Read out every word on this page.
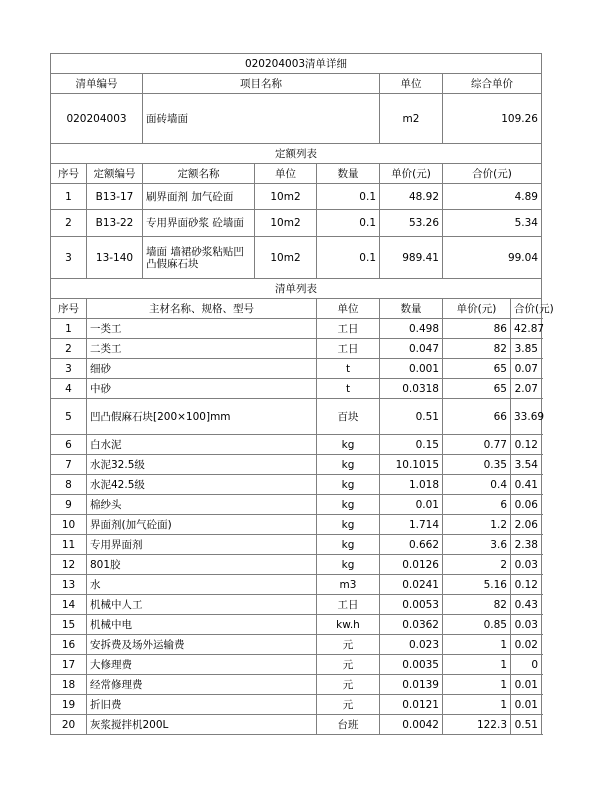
020204003清单详细							
清单编号		项目名称			单位	综合单价	
020204003		面砖墙面			m2	109.26	
定额列表							
序号	定额编号	定额名称	单位	数量	单价(元)	合价(元)	
1	B13-17	刷界面剂 加气砼面	10m2	0.1	48.92	4.89	
2	B13-22	专用界面砂浆 砼墙面	10m2	0.1	53.26	5.34	
3	13-140	墙面 墙裙砂浆粘贴凹凸假麻石块	10m2	0.1	989.41	99.04	
清单列表							
序号	主材名称、规格、型号			单位	数量	单价(元)	合价(元)
1	一类工			工日	0.498	86	42.87
2	二类工			工日	0.047	82	3.85
3	细砂			t	0.001	65	0.07
4	中砂			t	0.0318	65	2.07
5	凹凸假麻石块[200×100]mm			百块	0.51	66	33.69
6	白水泥			kg	0.15	0.77	0.12
7	水泥32.5级			kg	10.1015	0.35	3.54
8	水泥42.5级			kg	1.018	0.4	0.41
9	棉纱头			kg	0.01	6	0.06
10	界面剂(加气砼面)			kg	1.714	1.2	2.06
11	专用界面剂			kg	0.662	3.6	2.38
12	801胶			kg	0.0126	2	0.03
13	水			m3	0.0241	5.16	0.12
14	机械中人工			工日	0.0053	82	0.43
15	机械中电			kw.h	0.0362	0.85	0.03
16	安拆费及场外运输费			元	0.023	1	0.02
17	大修理费			元	0.0035	1	0
18	经常修理费			元	0.0139	1	0.01
19	折旧费			元	0.0121	1	0.01
20	灰浆搅拌机200L			台班	0.0042	122.3	0.51
